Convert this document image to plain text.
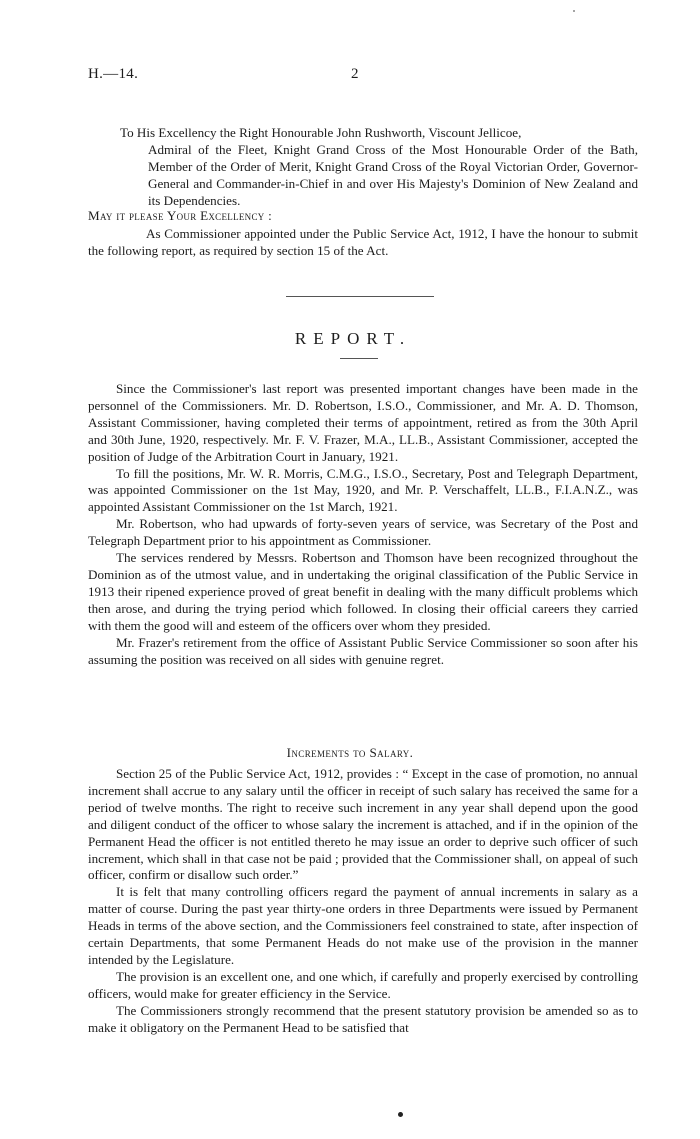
H.—14.	2

To His Excellency the Right Honourable John Rushworth, Viscount Jellicoe,

Admiral of the Fleet, Knight Grand Cross of the Most Honourable Order of the Bath, Member of the Order of Merit, Knight Grand Cross of the Royal Victorian Order, Governor-General and Commander-in-Chief in and over His Majesty's Dominion of New Zealand and its Dependencies.

May it please Your Excellency :
As Commissioner appointed under the Public Service Act, 1912, I have the honour to submit the following report, as required by section 15 of the Act.
REPORT.

Since the Commissioner's last report was presented important changes have been made in the personnel of the Commissioners. Mr. D. Robertson, I.S.O., Commissioner, and Mr. A. D. Thomson, Assistant Commissioner, having completed their terms of appointment, retired as from the 30th April and 30th June, 1920, respectively. Mr. F. V. Frazer, M.A., LL.B., Assistant Commissioner, accepted the position of Judge of the Arbitration Court in January, 1921.

To fill the positions, Mr. W. R. Morris, C.M.G., I.S.O., Secretary, Post and Telegraph Department, was appointed Commissioner on the 1st May, 1920, and Mr. P. Verschaffelt, LL.B., F.I.A.N.Z., was appointed Assistant Commissioner on the 1st March, 1921.

Mr. Robertson, who had upwards of forty-seven years of service, was Secretary of the Post and Telegraph Department prior to his appointment as Commissioner.

The services rendered by Messrs. Robertson and Thomson have been recognized throughout the Dominion as of the utmost value, and in undertaking the original classification of the Public Service in 1913 their ripened experience proved of great benefit in dealing with the many difficult problems which then arose, and during the trying period which followed. In closing their official careers they carried with them the good will and esteem of the officers over whom they presided.

Mr. Frazer's retirement from the office of Assistant Public Service Commissioner so soon after his assuming the position was received on all sides with genuine regret.

Increments to Salary.

Section 25 of the Public Service Act, 1912, provides : “ Except in the case of promotion, no annual increment shall accrue to any salary until the officer in receipt of such salary has received the same for a period of twelve months. The right to receive such increment in any year shall depend upon the good and diligent conduct of the officer to whose salary the increment is attached, and if in the opinion of the Permanent Head the officer is not entitled thereto he may issue an order to deprive such officer of such increment, which shall in that case not be paid ; provided that the Commissioner shall, on appeal of such officer, confirm or disallow such order.”

It is felt that many controlling officers regard the payment of annual increments in salary as a matter of course. During the past year thirty-one orders in three Departments were issued by Permanent Heads in terms of the above section, and the Commissioners feel constrained to state, after inspection of certain Departments, that some Permanent Heads do not make use of the provision in the manner intended by the Legislature.

The provision is an excellent one, and one which, if carefully and properly exercised by controlling officers, would make for greater efficiency in the Service.

The Commissioners strongly recommend that the present statutory provision be amended so as to make it obligatory on the Permanent Head to be satisfied that
